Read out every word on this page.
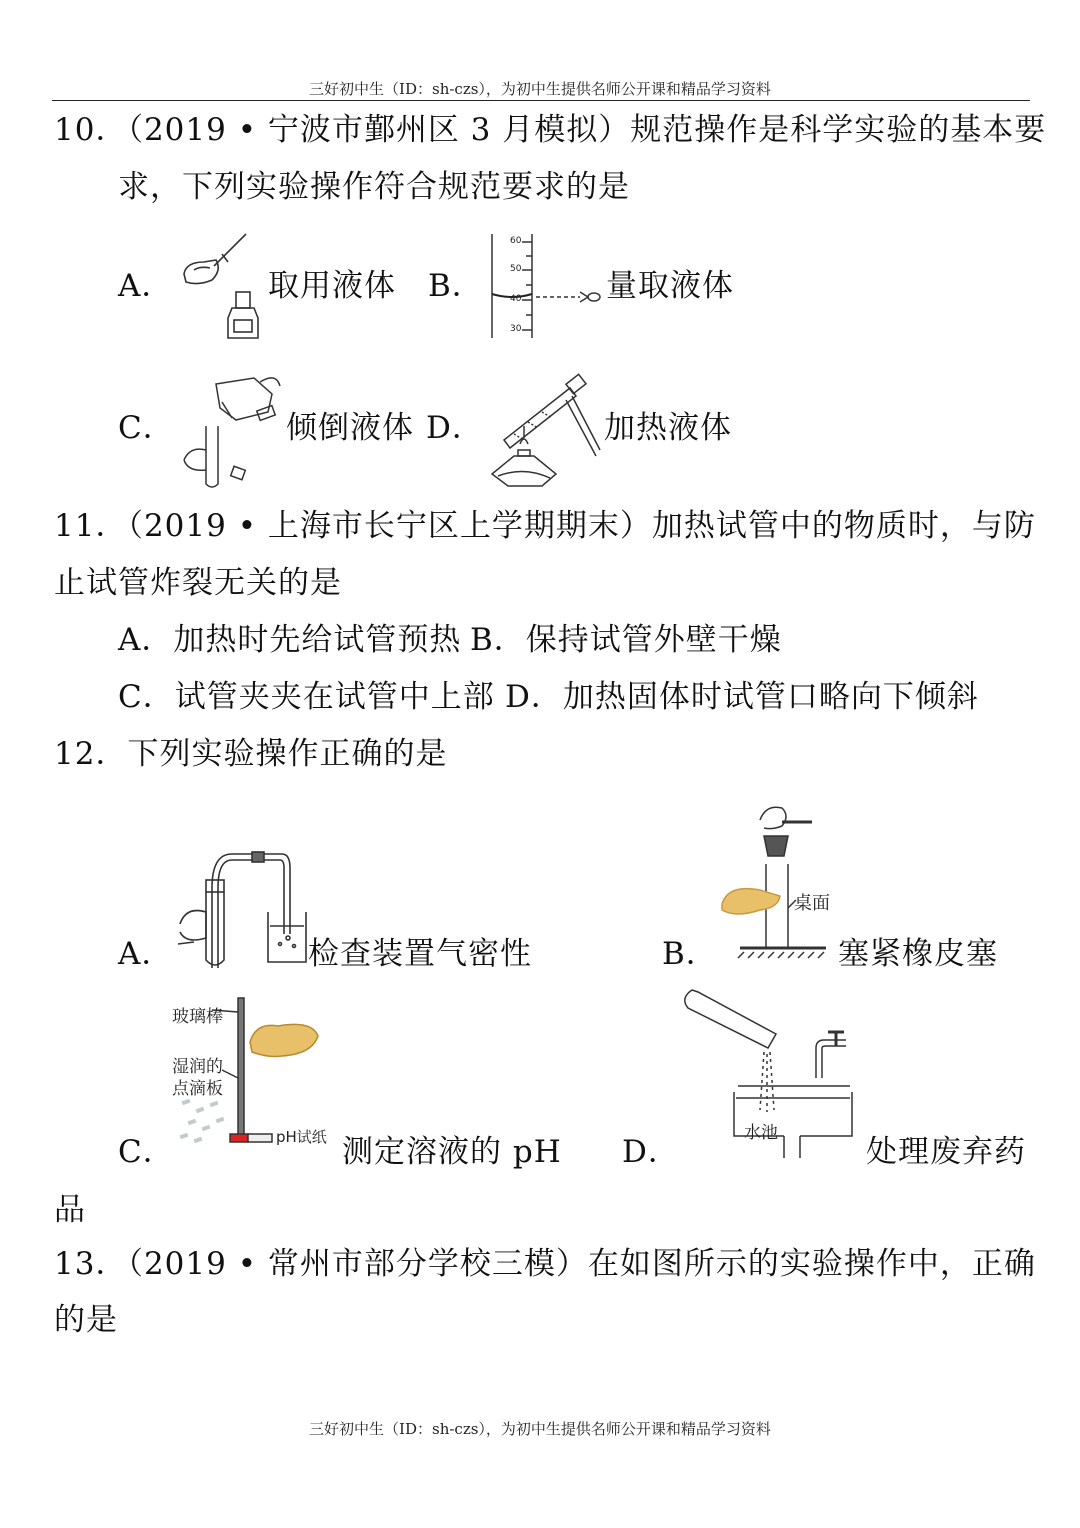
三好初中生（ID：sh-czs），为初中生提供名师公开课和精品学习资料
10．（2019 • 宁波市鄞州区 3 月模拟）规范操作是科学实验的基本要
求，下列实验操作符合规范要求的是
A．	取用液体 B．
60
50
40
30
量取液体
C．	倾倒液体 D．	加热液体
11．（2019 • 上海市长宁区上学期期末）加热试管中的物质时，与防
止试管炸裂无关的是
A．加热时先给试管预热 B．保持试管外壁干燥
C．试管夹夹在试管中上部 D．加热固体时试管口略向下倾斜
12．下列实验操作正确的是
A．	检查装置气密性	B．
桌面
塞紧橡皮塞
C．
玻璃棒
湿润的
点滴板
pH试纸 测定溶液的 pH D．
水池
处理废弃药
品
13．（2019 • 常州市部分学校三模）在如图所示的实验操作中，正确
的是
三好初中生（ID：sh-czs），为初中生提供名师公开课和精品学习资料
